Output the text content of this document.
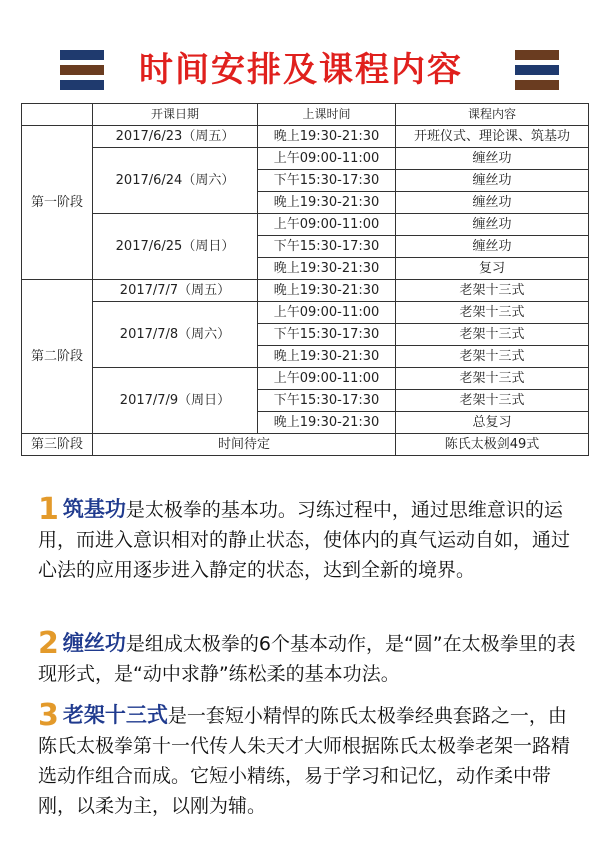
时间安排及课程内容
	开课日期	上课时间	课程内容
第一阶段	2017/6/23（周五）	晚上19:30-21:30	开班仪式、理论课、筑基功
	2017/6/24（周六）	上午09:00-11:00	缠丝功
		下午15:30-17:30	缠丝功
		晚上19:30-21:30	缠丝功
	2017/6/25（周日）	上午09:00-11:00	缠丝功
		下午15:30-17:30	缠丝功
		晚上19:30-21:30	复习
第二阶段	2017/7/7（周五）	晚上19:30-21:30	老架十三式
	2017/7/8（周六）	上午09:00-11:00	老架十三式
		下午15:30-17:30	老架十三式
		晚上19:30-21:30	老架十三式
	2017/7/9（周日）	上午09:00-11:00	老架十三式
		下午15:30-17:30	老架十三式
		晚上19:30-21:30	总复习
第三阶段	时间待定		陈氏太极剑49式
1 筑基功是太极拳的基本功。习练过程中，通过思维意识的运用，而进入意识相对的静止状态，使体内的真气运动自如，通过心法的应用逐步进入静定的状态，达到全新的境界。
2 缠丝功是组成太极拳的6个基本动作，是“圆”在太极拳里的表现形式，是“动中求静”练松柔的基本功法。
3 老架十三式是一套短小精悍的陈氏太极拳经典套路之一，由陈氏太极拳第十一代传人朱天才大师根据陈氏太极拳老架一路精选动作组合而成。它短小精练，易于学习和记忆，动作柔中带刚，以柔为主，以刚为辅。
